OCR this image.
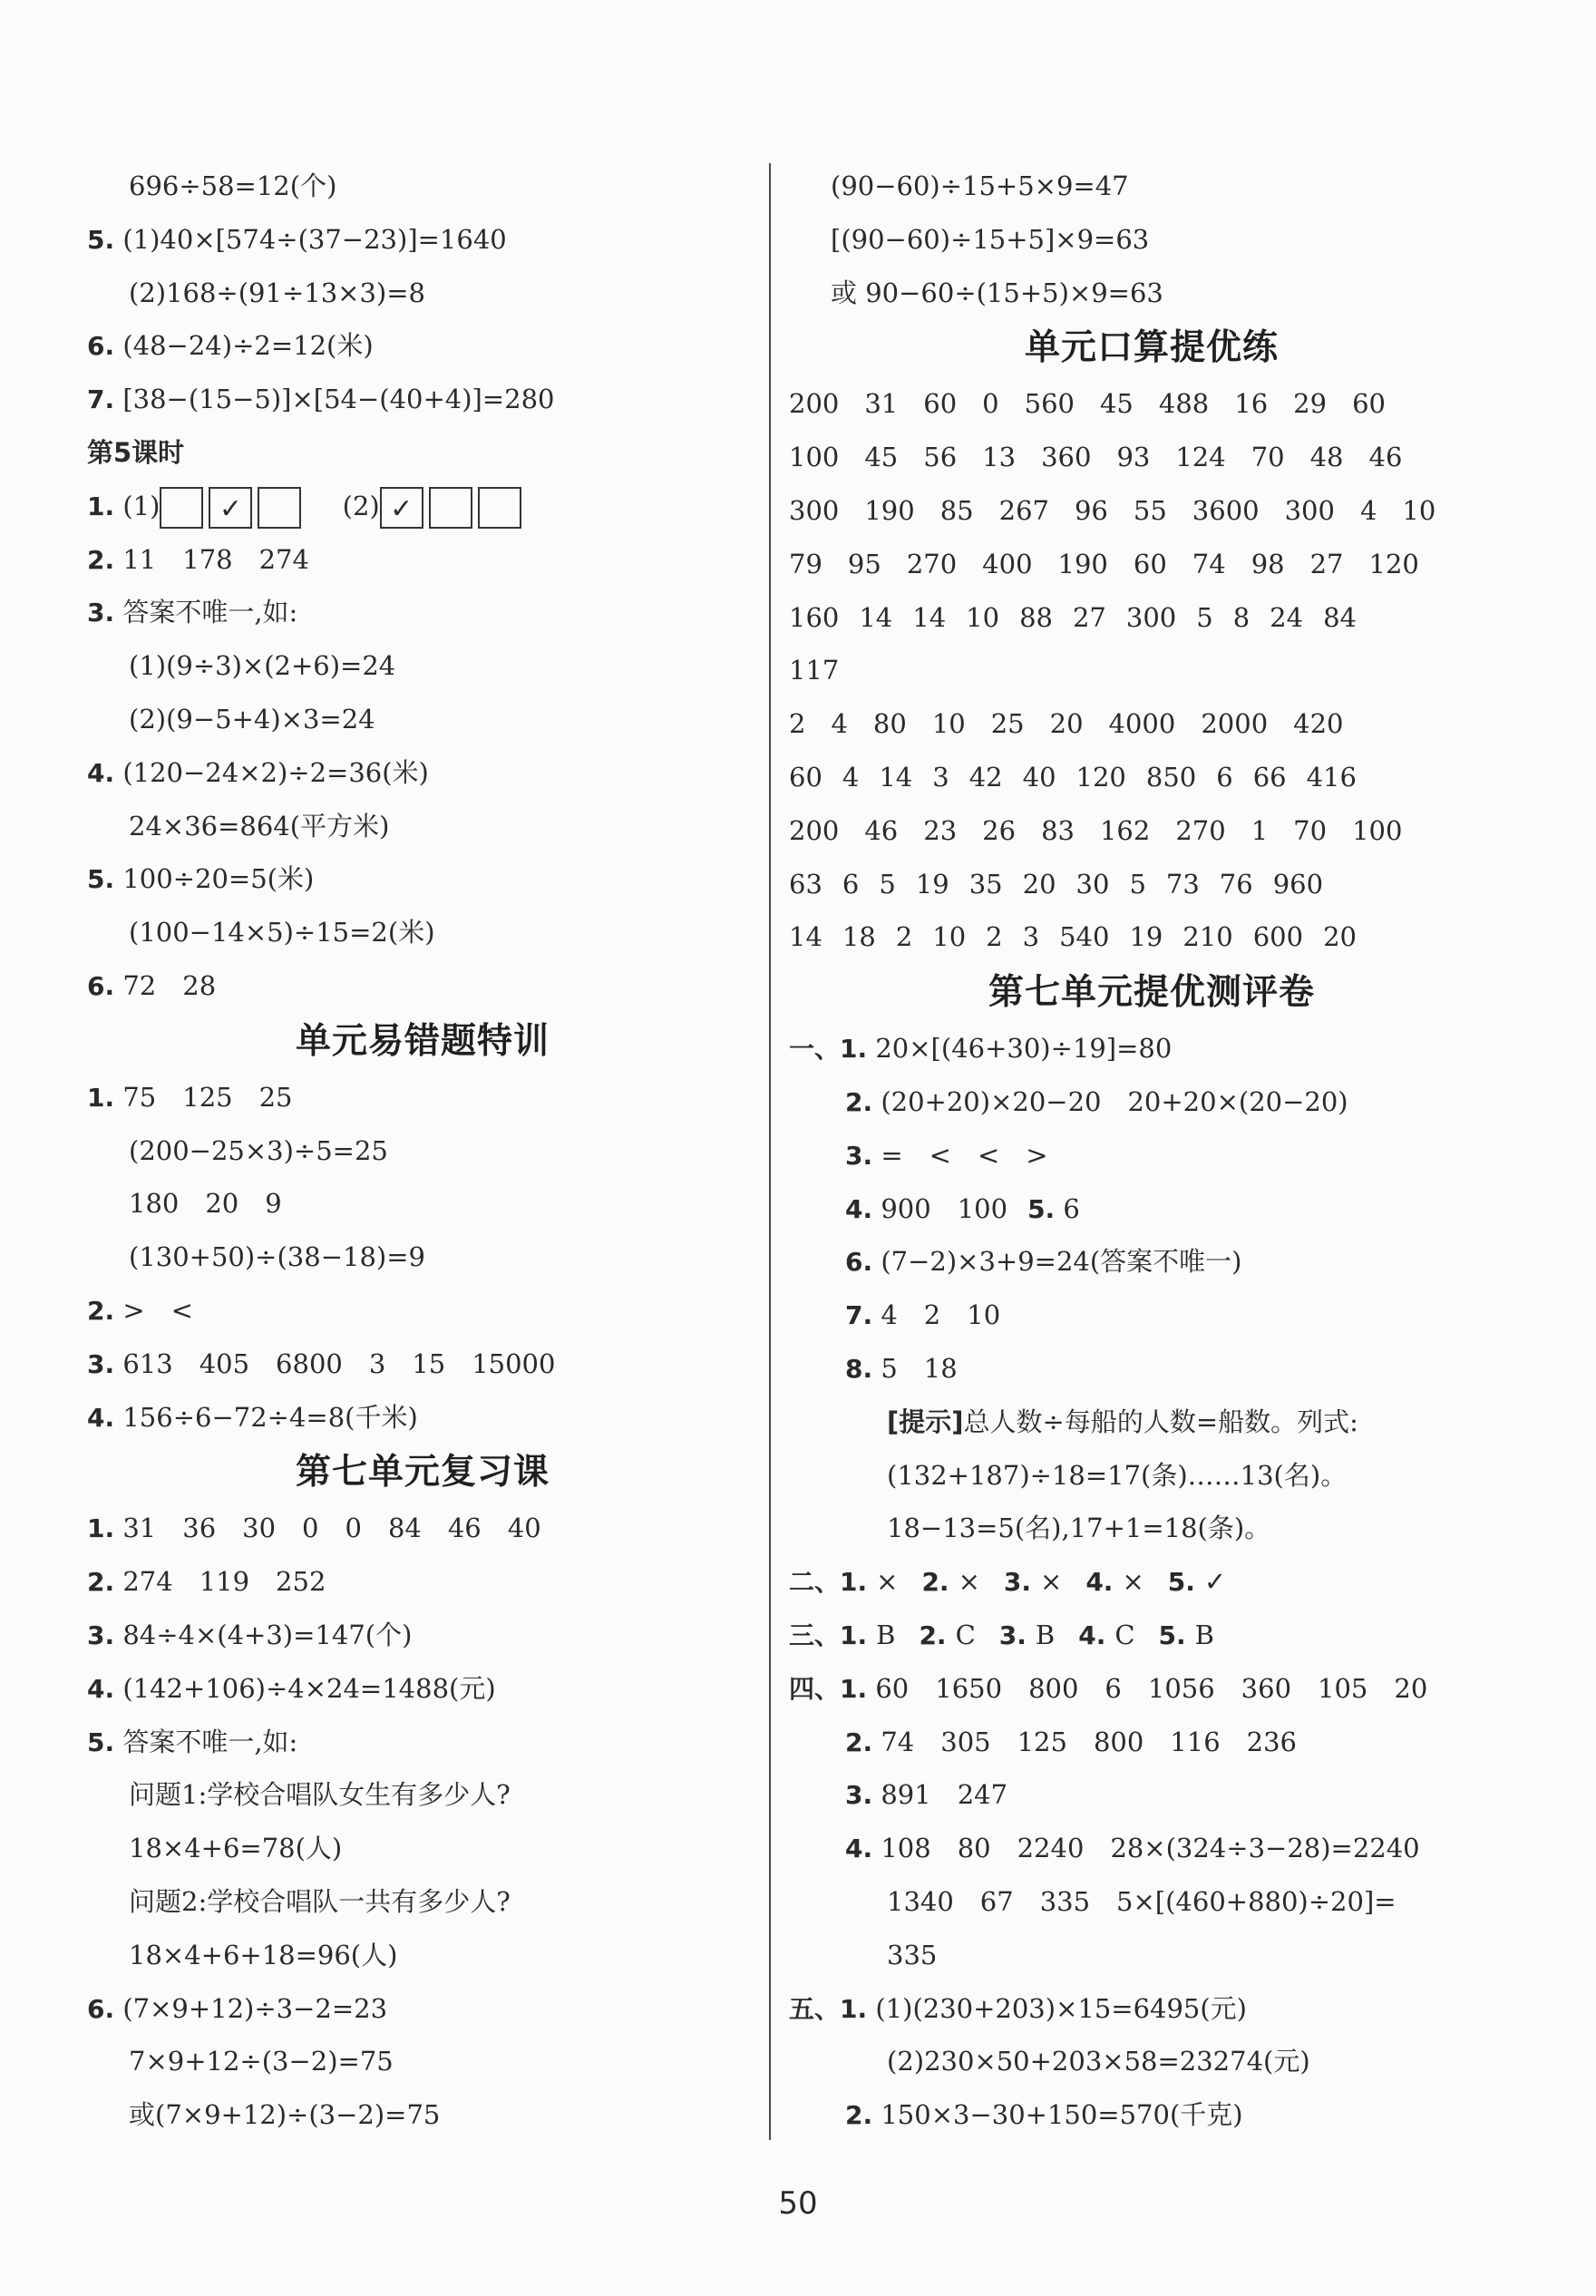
696÷58=12(个)
5. (1)40×[574÷(37−23)]=1640
(2)168÷(91÷13×3)=8
6. (48−24)÷2=12(米)
7. [38−(15−5)]×[54−(40+4)]=280
第5课时
1. (1) ✓	(2) ✓
2. 11　178　274
3. 答案不唯一,如:
(1)(9÷3)×(2+6)=24
(2)(9−5+4)×3=24
4. (120−24×2)÷2=36(米)
24×36=864(平方米)
5. 100÷20=5(米)
(100−14×5)÷15=2(米)
6. 72　28
单元易错题特训
1. 75　125　25
(200−25×3)÷5=25
180　20　9
(130+50)÷(38−18)=9
2. >　<
3. 613　405　6800　3　15　15000
4. 156÷6−72÷4=8(千米)
第七单元复习课
1. 31　36　30　0　0　84　46　40
2. 274　119　252
3. 84÷4×(4+3)=147(个)
4. (142+106)÷4×24=1488(元)
5. 答案不唯一,如:
问题1:学校合唱队女生有多少人?
18×4+6=78(人)
问题2:学校合唱队一共有多少人?
18×4+6+18=96(人)
6. (7×9+12)÷3−2=23
7×9+12÷(3−2)=75
或(7×9+12)÷(3−2)=75
(90−60)÷15+5×9=47
[(90−60)÷15+5]×9=63
或 90−60÷(15+5)×9=63
单元口算提优练
200 31 60 0 560 45 488 16 29 60
100 45 56 13 360 93 124 70 48 46
300 190 85 267 96 55 3600 300 4 10
79 95 270 400 190 60 74 98 27 120
160 14 14 10 88 27 300 5 8 24 84
117
2 4 80 10 25 20 4000 2000 420
60 4 14 3 42 40 120 850 6 66 416
200 46 23 26 83 162 270 1 70 100
63 6 5 19 35 20 30 5 73 76 960
14 18 2 10 2 3 540 19 210 600 20
第七单元提优测评卷
一、1. 20×[(46+30)÷19]=80
2. (20+20)×20−20　20+20×(20−20)
3. =　<　<　>
4. 900　100 5. 6
6. (7−2)×3+9=24(答案不唯一)
7. 4　2　10
8. 5　18
[提示]总人数÷每船的人数=船数。列式:
(132+187)÷18=17(条)……13(名)。
18−13=5(名),17+1=18(条)。
二、1. × 2. × 3. × 4. × 5. ✓
三、1. B 2. C 3. B 4. C 5. B
四、1. 60　1650　800　6　1056　360　105　20
2. 74　305　125　800　116　236
3. 891　247
4. 108　80　2240　28×(324÷3−28)=2240
1340　67　335　5×[(460+880)÷20]=
335
五、1. (1)(230+203)×15=6495(元)
(2)230×50+203×58=23274(元)
2. 150×3−30+150=570(千克)
50
